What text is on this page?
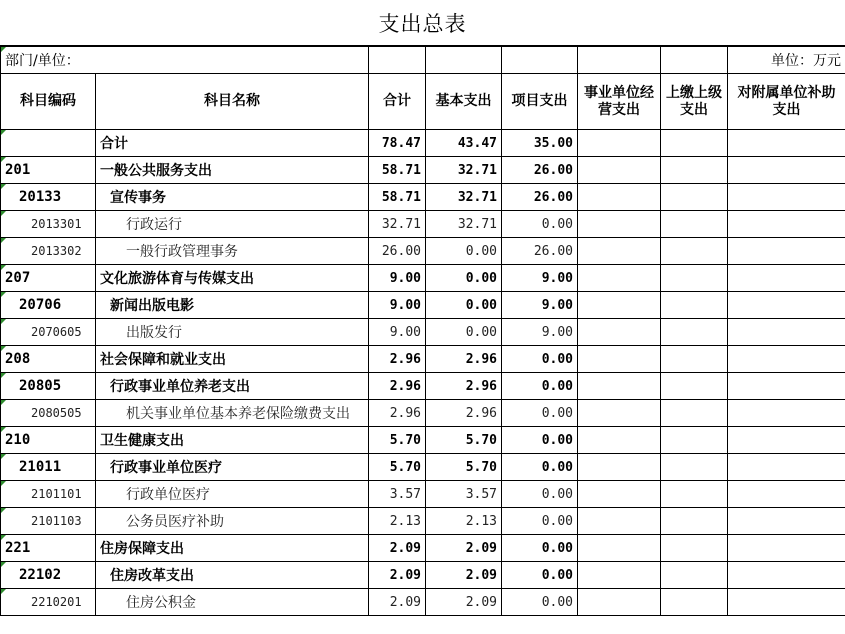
支出总表
部门/单位：							单位：万元
科目编码	科目名称	合计	基本支出	项目支出	事业单位经营支出	上缴上级支出	对附属单位补助支出
	合计	78.47	43.47	35.00			
201	一般公共服务支出	58.71	32.71	26.00			
20133	宣传事务	58.71	32.71	26.00			
2013301	行政运行	32.71	32.71	0.00			
2013302	一般行政管理事务	26.00	0.00	26.00			
207	文化旅游体育与传媒支出	9.00	0.00	9.00			
20706	新闻出版电影	9.00	0.00	9.00			
2070605	出版发行	9.00	0.00	9.00			
208	社会保障和就业支出	2.96	2.96	0.00			
20805	行政事业单位养老支出	2.96	2.96	0.00			
2080505	机关事业单位基本养老保险缴费支出	2.96	2.96	0.00			
210	卫生健康支出	5.70	5.70	0.00			
21011	行政事业单位医疗	5.70	5.70	0.00			
2101101	行政单位医疗	3.57	3.57	0.00			
2101103	公务员医疗补助	2.13	2.13	0.00			
221	住房保障支出	2.09	2.09	0.00			
22102	住房改革支出	2.09	2.09	0.00			
2210201	住房公积金	2.09	2.09	0.00			
